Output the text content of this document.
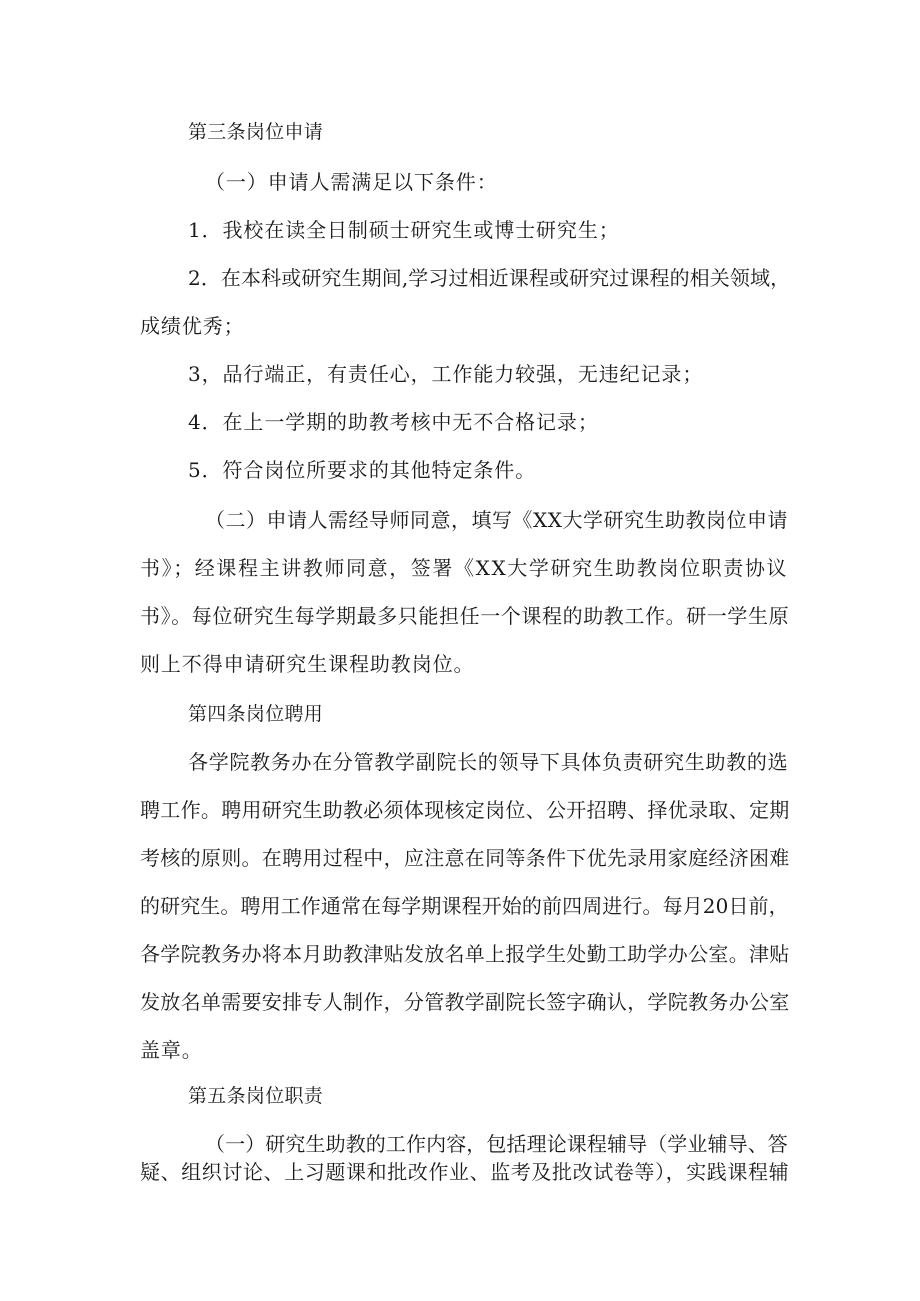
第三条岗位申请
（一）申请人需满足以下条件：
1．我校在读全日制硕士研究生或博士研究生；
2．在本科或研究生期间,学习过相近课程或研究过课程的相关领域，
成绩优秀；
3，品行端正，有责任心，工作能力较强，无违纪记录；
4．在上一学期的助教考核中无不合格记录；
5．符合岗位所要求的其他特定条件。
（二）申请人需经导师同意，填写《XX大学研究生助教岗位申请
书》；经课程主讲教师同意，签署《XX大学研究生助教岗位职责协议
书》。每位研究生每学期最多只能担任一个课程的助教工作。研一学生原
则上不得申请研究生课程助教岗位。
第四条岗位聘用
各学院教务办在分管教学副院长的领导下具体负责研究生助教的选
聘工作。聘用研究生助教必须体现核定岗位、公开招聘、择优录取、定期
考核的原则。在聘用过程中，应注意在同等条件下优先录用家庭经济困难
的研究生。聘用工作通常在每学期课程开始的前四周进行。每月20日前，
各学院教务办将本月助教津贴发放名单上报学生处勤工助学办公室。津贴
发放名单需要安排专人制作，分管教学副院长签字确认，学院教务办公室
盖章。
第五条岗位职责
（一）研究生助教的工作内容，包括理论课程辅导（学业辅导、答
疑、组织讨论、上习题课和批改作业、监考及批改试卷等），实践课程辅
